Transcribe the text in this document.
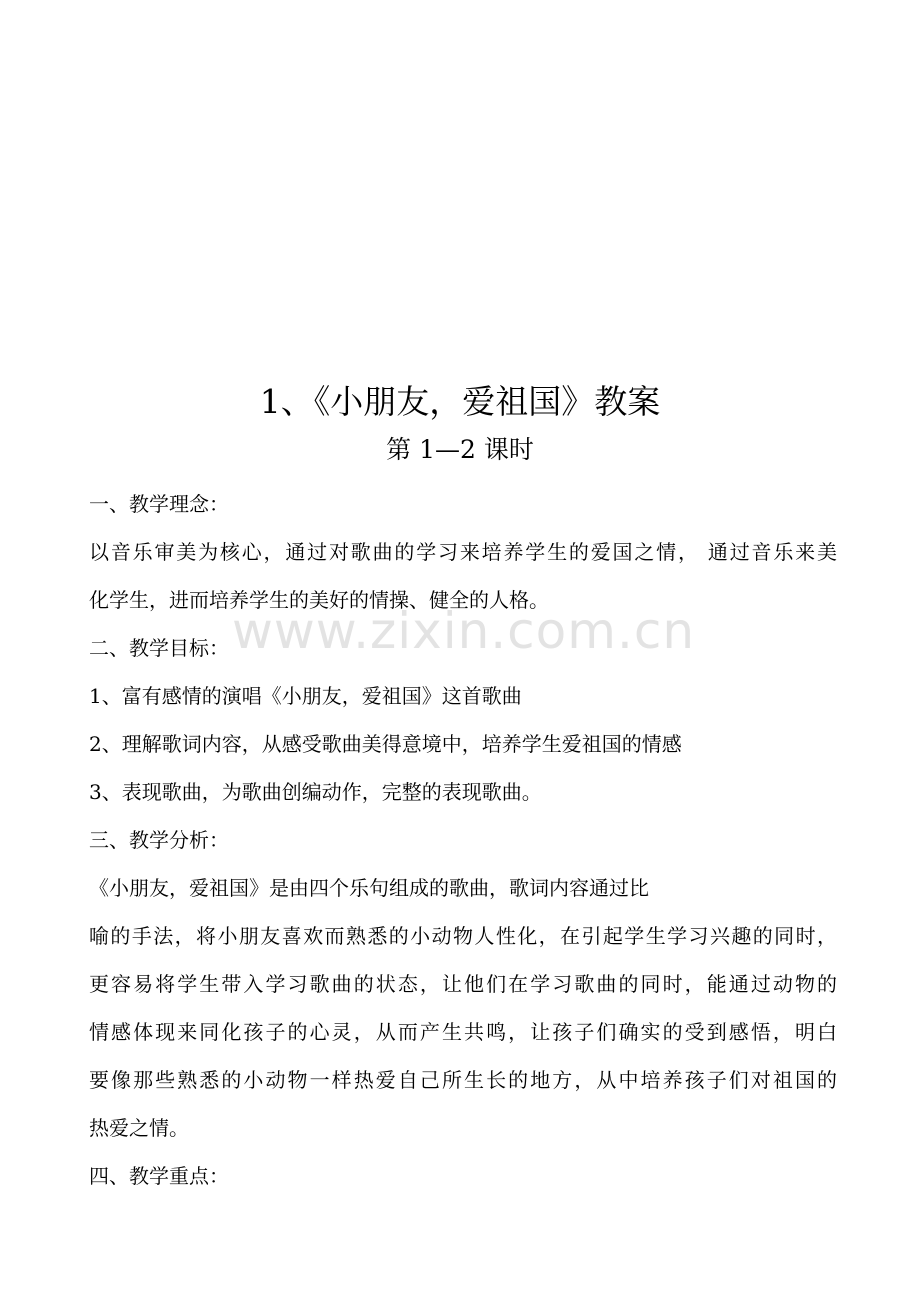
1、《小朋友，爱祖国》教案
第 1—2 课时
www.zixin.com.cn
一、教学理念：
以音乐审美为核心，通过对歌曲的学习来培养学生的爱国之情， 通过音乐来美
化学生，进而培养学生的美好的情操、健全的人格。
二、教学目标：
1、富有感情的演唱《小朋友，爱祖国》这首歌曲
2、理解歌词内容，从感受歌曲美得意境中，培养学生爱祖国的情感
3、表现歌曲，为歌曲创编动作，完整的表现歌曲。
三、教学分析：
《小朋友，爱祖国》是由四个乐句组成的歌曲，歌词内容通过比
喻的手法，将小朋友喜欢而熟悉的小动物人性化，在引起学生学习兴趣的同时，
更容易将学生带入学习歌曲的状态，让他们在学习歌曲的同时，能通过动物的
情感体现来同化孩子的心灵，从而产生共鸣，让孩子们确实的受到感悟，明白
要像那些熟悉的小动物一样热爱自己所生长的地方，从中培养孩子们对祖国的
热爱之情。
四、教学重点：
